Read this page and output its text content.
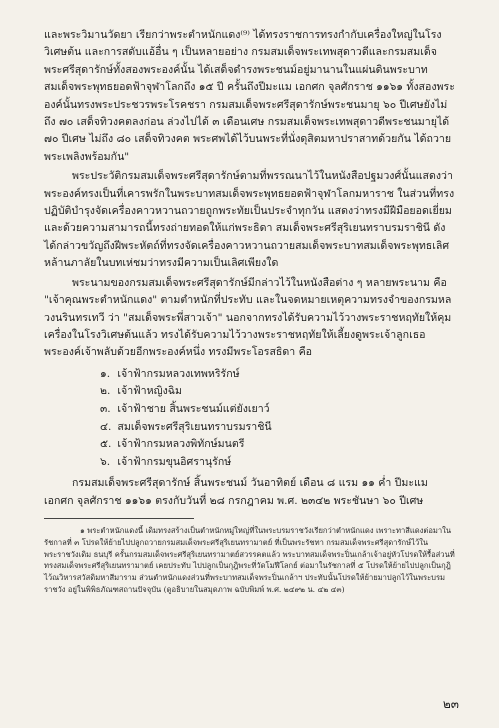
และพระวิมานวัดยา เรียกว่าพระตำหนักแดง⁽⁹⁾ ได้ทรงราชการทรงกำกับเครื่องใหญ่ในโรงวิเศษต้น และการสดับแอ้อื่น ๆ เป็นหลายอย่าง กรมสมเด็จพระเทพสุดาวดีและกรมสมเด็จพระศรีสุดารักษ์ทั้งสองพระองค์นั้น ได้เสด็จดำรงพระชนม์อยู่มานานในแผ่นดินพระบาทสมเด็จพระพุทธยอดฟ้าจุฬาโลกถึง ๑๕ ปี ครั้นถึงปีมะแม เอกศก จุลศักราช ๑๑๖๑ ทั้งสองพระองค์นั้นทรงพระประชวรพระโรคชรา กรมสมเด็จพระศรีสุดารักษ์พระชนมายุ ๖๐ ปีเศษยังไม่ถึง ๗๐ เสด็จทิวงคตลงก่อน ล่วงไปได้ ๓ เดือนเศษ กรมสมเด็จพระเทพสุดาวดีพระชนมายุได้ ๗๐ ปีเศษ ไม่ถึง ๘๐ เสด็จทิวงคต พระศพได้ไว้บนพระที่นั่งดุสิตมหาปราสาทด้วยกัน ได้ถวายพระเพลิงพร้อมกัน"

พระประวัติกรมสมเด็จพระศรีสุดารักษ์ตามที่พรรณนาไว้ในหนังสือปฐมวงศ์นั้นแสดงว่าพระองค์ทรงเป็นที่เคารพรักในพระบาทสมเด็จพระพุทธยอดฟ้าจุฬาโลกมหาราช ในส่วนที่ทรงปฏิบัติบำรุงจัดเครื่องคาวหวานถวายถูกพระทัยเป็นประจำทุกวัน แสดงว่าทรงมีฝีมือยอดเยี่ยมและด้วยความสามารถนี้ทรงถ่ายทอดให้แก่พระธิดา สมเด็จพระศรีสุริเยนทราบรมราชินี ดังได้กล่าวขวัญถึงฝีพระหัตถ์ที่ทรงจัดเครื่องคาวหวานถวายสมเด็จพระบาทสมเด็จพระพุทธเลิศหล้านภาลัยในบทเห่ชมว่าทรงมีความเป็นเลิศเพียงใด

พระนามของกรมสมเด็จพระศรีสุดารักษ์มีกล่าวไว้ในหนังสือต่าง ๆ หลายพระนาม คือ "เจ้าคุณพระตำหนักแดง" ตามตำหนักที่ประทับ และในจดหมายเหตุความทรงจำของกรมหลวงนรินทรเทวี ว่า "สมเด็จพระพี่สาวเจ้า" นอกจากทรงได้รับความไว้วางพระราชหฤทัยให้คุมเครื่องในโรงวิเศษต้นแล้ว ทรงได้รับความไว้วางพระราชหฤทัยให้เลี้ยงดูพระเจ้าลูกเธอ พระองค์เจ้าพลับด้วยอีกพระองค์หนึ่ง ทรงมีพระโอรสธิดา คือ

๑. เจ้าฟ้ากรมหลวงเทพหริรักษ์
๒. เจ้าฟ้าหญิงฉิม
๓. เจ้าฟ้าชาย สิ้นพระชนม์แต่ยังเยาว์
๔. สมเด็จพระศรีสุริเยนทราบรมราชินี
๕. เจ้าฟ้ากรมหลวงพิทักษ์มนตรี
๖. เจ้าฟ้ากรมขุนอิศรานุรักษ์

กรมสมเด็จพระศรีสุดารักษ์ สิ้นพระชนม์ วันอาทิตย์ เดือน ๘ แรม ๑๑ ค่ำ ปีมะแม เอกศก จุลศักราช ๑๑๖๑ ตรงกับวันที่ ๒๘ กรกฎาคม พ.ศ. ๒๓๔๒ พระชันษา ๖๐ ปีเศษ

๑ พระตำหนักแดงนี้ เดิมทรงสร้างเป็นตำหนักหมู่ใหญ่ที่ในพระบรมราชวังเรียกว่าตำหนักแดง เพราะทาสีแดงต่อมาในรัชกาลที่ ๓ โปรดให้ย้ายไปปลูกถวายกรมสมเด็จพระศรีสุริเยนทรามาตย์ ที่เป็นพระรัชทา กรมสมเด็จพระศรีสุดารักษ์ไว้ในพระราชวังเดิม ธนบุรี ครั้นกรมสมเด็จพระศรีสุริเยนทรามาตย์สวรรคตแล้ว พระบาทสมเด็จพระปิ่นเกล้าเจ้าอยู่หัวโปรดให้รื้อส่วนที่ทรงสมเด็จพระศรีสุริเยนทรามาตย์ เคยประทับ ไปปลูกเป็นกุฎิพระที่วัดโมฬีโลกย์ ต่อมาในรัชกาลที่ ๕ โปรดให้ย้ายไปปลูกเป็นกุฎิไว้ณวิหารสวัสดิมหาสีมาราม ส่วนตำหนักแดงส่วนที่พระบาทสมเด็จพระปิ่นเกล้าฯ ประทับนั้นโปรดให้ย้ายมาปลูกไว้ในพระบรมราชวัง อยู่ในพิพิธภัณฑสถานปัจจุบัน (ดูอธิบายในสมุดภาพ ฉบับพิมพ์ พ.ศ. ๒๔๙๒ น. ๔๒ ๔๓)

๒๓
